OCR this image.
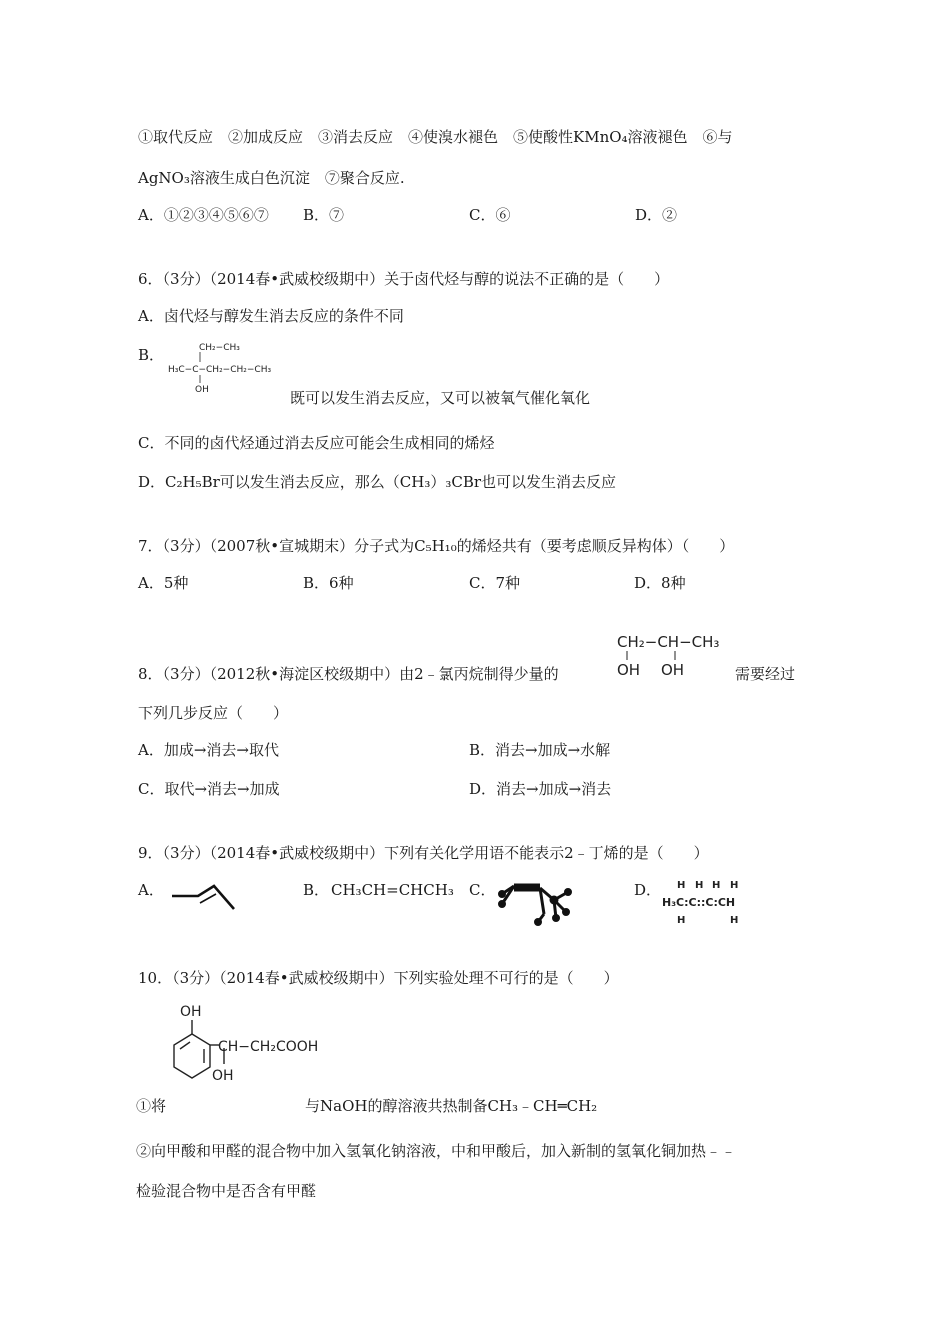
①取代反应　②加成反应　③消去反应　④使溴水褪色　⑤使酸性KMnO₄溶液褪色　⑥与
AgNO₃溶液生成白色沉淀　⑦聚合反应.
A．①②③④⑤⑥⑦ B．⑦	C．⑥	D．②
6．（3分）（2014春•武威校级期中）关于卤代烃与醇的说法不正确的是（　　）
A．卤代烃与醇发生消去反应的条件不同
B．	CH₂−CH₃
H₃C−C−CH₂−CH₂−CH₃
OH	既可以发生消去反应，又可以被氧气催化氧化
C．不同的卤代烃通过消去反应可能会生成相同的烯烃
D．C₂H₅Br可以发生消去反应，那么（CH₃）₃CBr也可以发生消去反应
7．（3分）（2007秋•宣城期末）分子式为C₅H₁₀的烯烃共有（要考虑顺反异构体）（　　）
A．5种	B．6种	C．7种	D．8种
CH₂−CH−CH₃
OH OH
8．（3分）（2012秋•海淀区校级期中）由2﹣氯丙烷制得少量的	需要经过
下列几步反应（　　）
A．加成→消去→取代	B．消去→加成→水解
C．取代→消去→加成	D．消去→加成→消去
9．（3分）（2014春•武威校级期中）下列有关化学用语不能表示2﹣丁烯的是（　　）
A．	B． CH₃CH=CHCH₃ C．	D． H H H H
H₃C:C::C:CH
H	H
10．（3分）（2014春•武威校级期中）下列实验处理不可行的是（　　）
OH
CH−CH₂COOH
OH
①将	与NaOH的醇溶液共热制备CH₃﹣CH═CH₂
②向甲酸和甲醛的混合物中加入氢氧化钠溶液，中和甲酸后，加入新制的氢氧化铜加热﹣﹣
检验混合物中是否含有甲醛
